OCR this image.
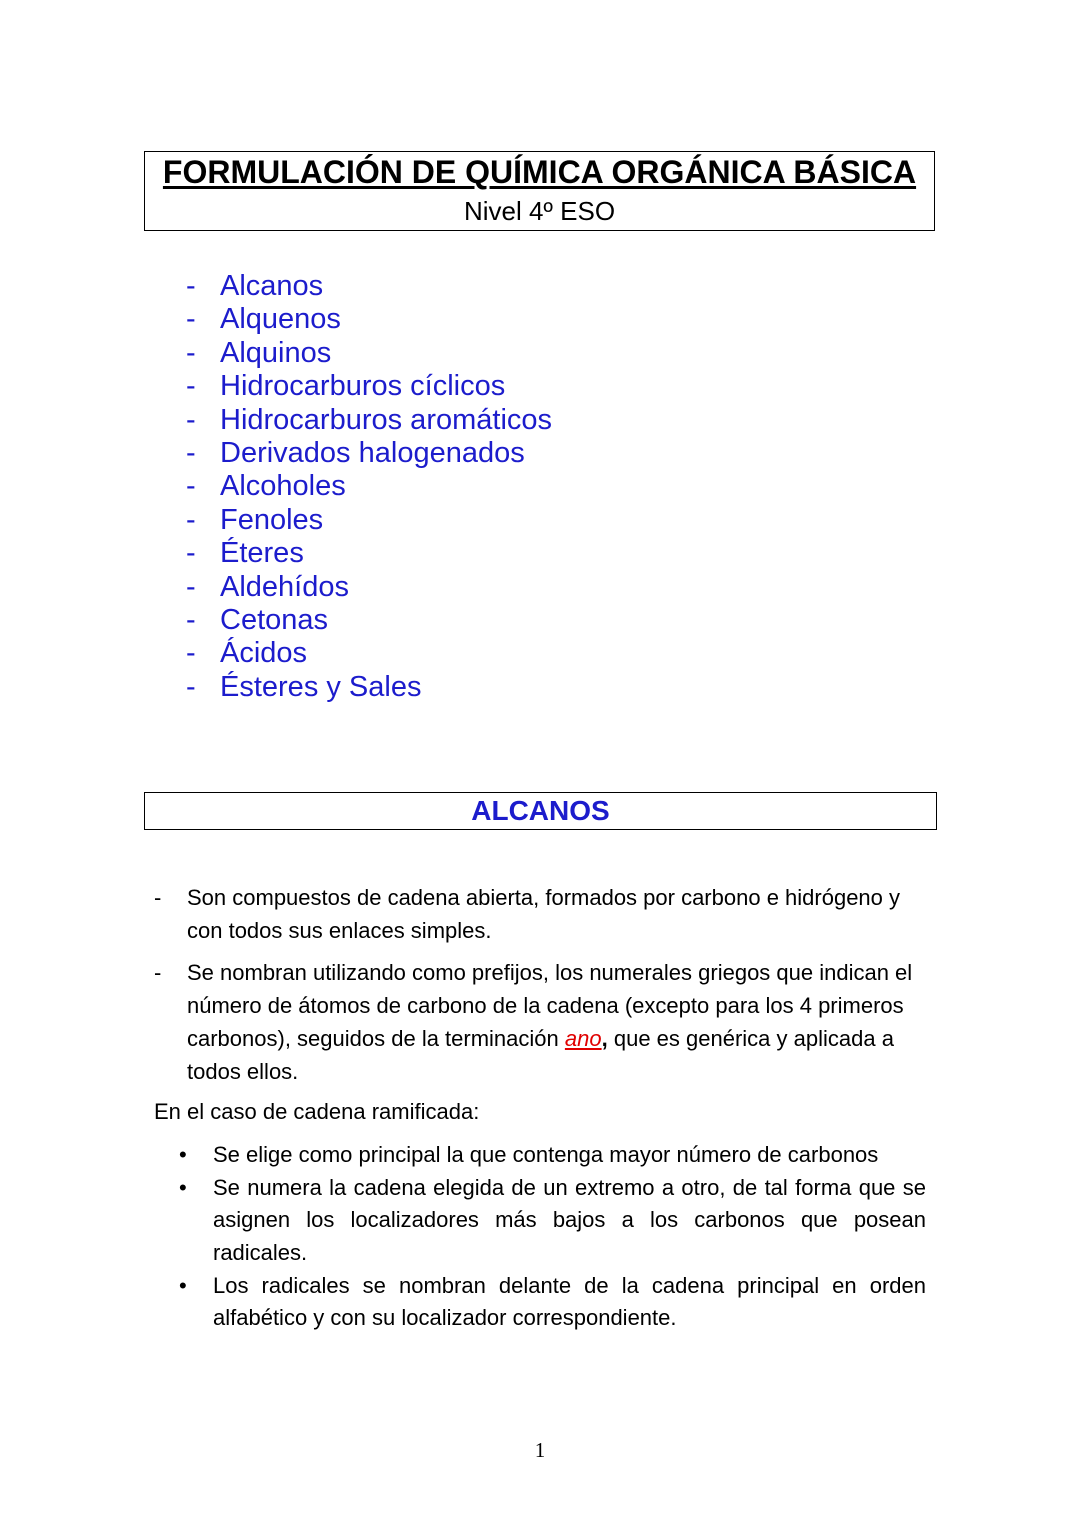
FORMULACIÓN DE QUÍMICA ORGÁNICA BÁSICA
Nivel 4º ESO
- Alcanos
- Alquenos
- Alquinos
- Hidrocarburos cíclicos
- Hidrocarburos aromáticos
- Derivados halogenados
- Alcoholes
- Fenoles
- Éteres
- Aldehídos
- Cetonas
- Ácidos
- Ésteres y Sales
ALCANOS
- Son compuestos de cadena abierta, formados por carbono e hidrógeno y con todos sus enlaces simples.
- Se nombran utilizando como prefijos, los numerales griegos que indican el número de átomos de carbono de la cadena (excepto para los 4 primeros carbonos), seguidos de la terminación ano, que es genérica y aplicada a todos ellos.
En el caso de cadena ramificada:
• Se elige como principal la que contenga mayor número de carbonos
• Se numera la cadena elegida de un extremo a otro, de tal forma que se asignen los localizadores más bajos a los carbonos que posean radicales.
• Los radicales se nombran delante de la cadena principal en orden alfabético y con su localizador correspondiente.
1
